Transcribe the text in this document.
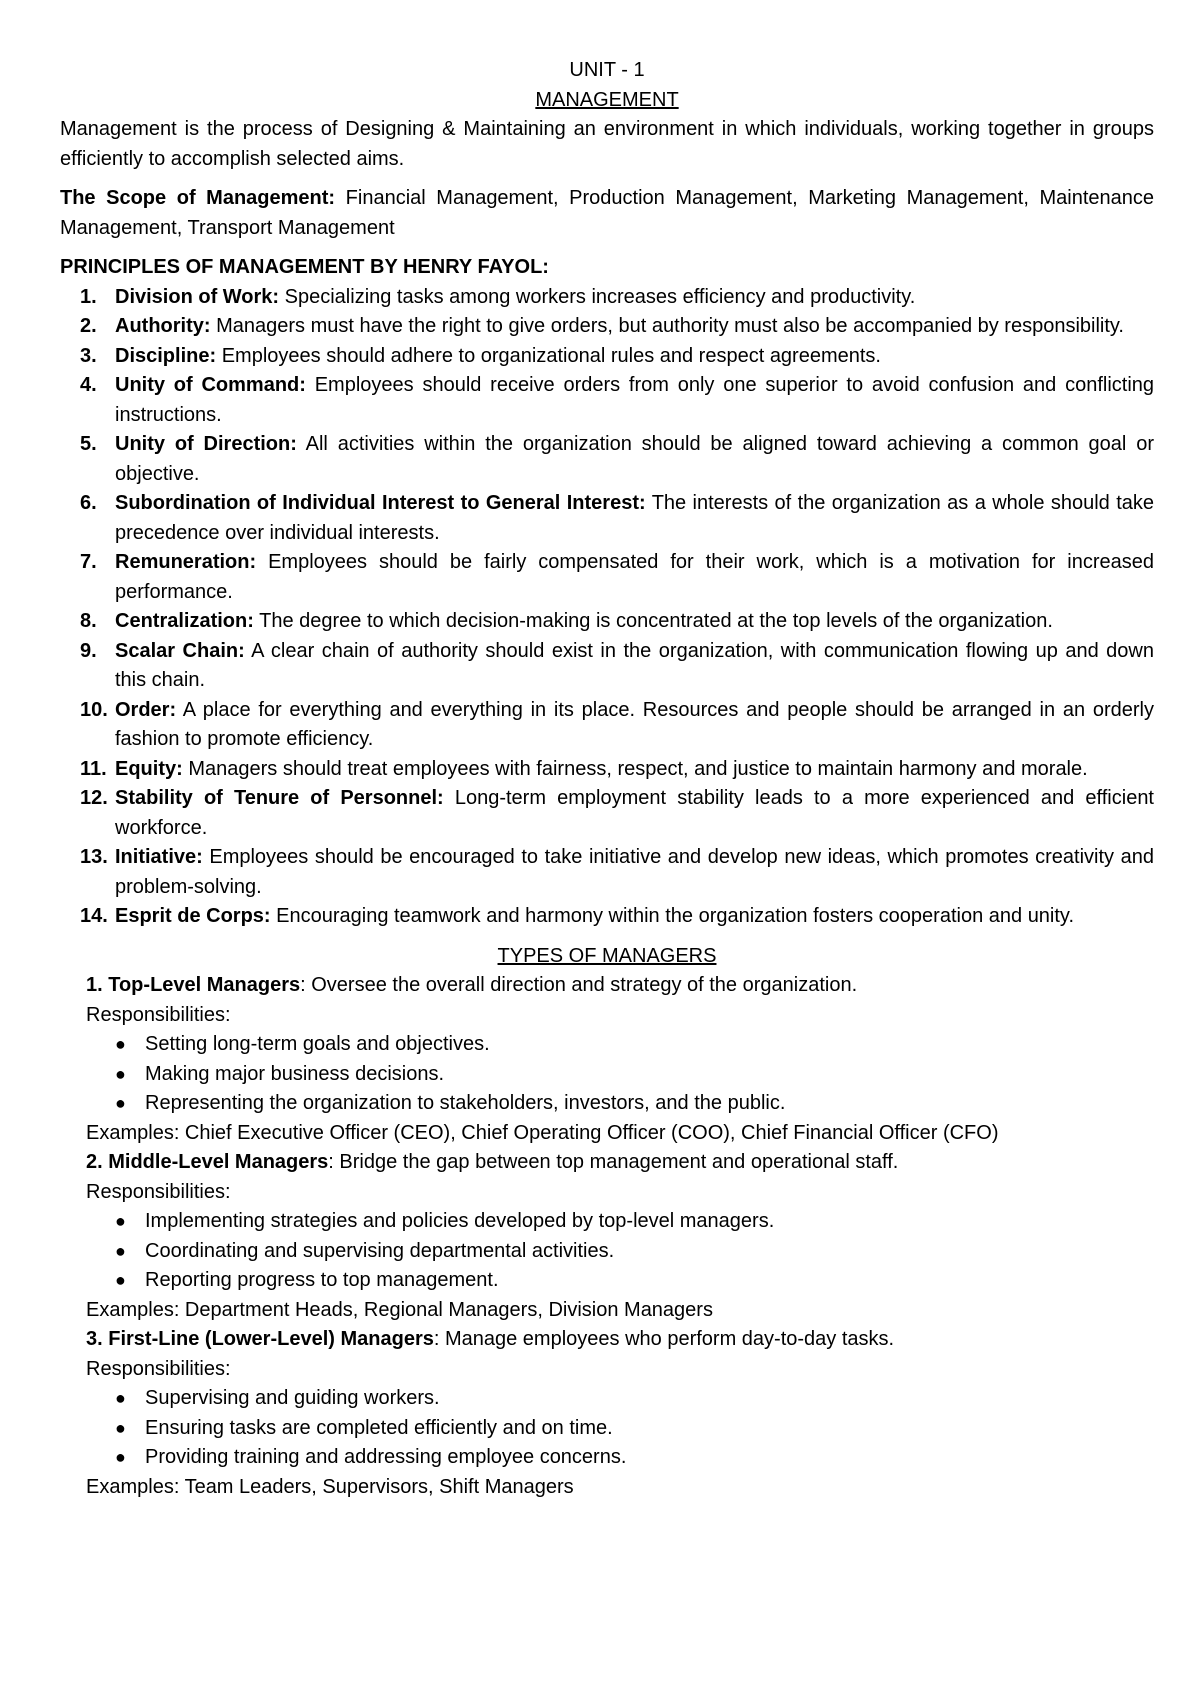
UNIT - 1

MANAGEMENT

Management is the process of Designing & Maintaining an environment in which individuals, working together in groups efficiently to accomplish selected aims.

The Scope of Management: Financial Management, Production Management, Marketing Management, Maintenance Management, Transport Management

PRINCIPLES OF MANAGEMENT BY HENRY FAYOL:

1. Division of Work: Specializing tasks among workers increases efficiency and productivity.
2. Authority: Managers must have the right to give orders, but authority must also be accompanied by responsibility.
3. Discipline: Employees should adhere to organizational rules and respect agreements.
4. Unity of Command: Employees should receive orders from only one superior to avoid confusion and conflicting instructions.
5. Unity of Direction: All activities within the organization should be aligned toward achieving a common goal or objective.
6. Subordination of Individual Interest to General Interest: The interests of the organization as a whole should take precedence over individual interests.
7. Remuneration: Employees should be fairly compensated for their work, which is a motivation for increased performance.
8. Centralization: The degree to which decision-making is concentrated at the top levels of the organization.
9. Scalar Chain: A clear chain of authority should exist in the organization, with communication flowing up and down this chain.
10. Order: A place for everything and everything in its place. Resources and people should be arranged in an orderly fashion to promote efficiency.
11. Equity: Managers should treat employees with fairness, respect, and justice to maintain harmony and morale.
12. Stability of Tenure of Personnel: Long-term employment stability leads to a more experienced and efficient workforce.
13. Initiative: Employees should be encouraged to take initiative and develop new ideas, which promotes creativity and problem-solving.
14. Esprit de Corps: Encouraging teamwork and harmony within the organization fosters cooperation and unity.

TYPES OF MANAGERS

1. Top-Level Managers: Oversee the overall direction and strategy of the organization.

Responsibilities:

● Setting long-term goals and objectives.
● Making major business decisions.
● Representing the organization to stakeholders, investors, and the public.

Examples: Chief Executive Officer (CEO), Chief Operating Officer (COO), Chief Financial Officer (CFO)

2. Middle-Level Managers: Bridge the gap between top management and operational staff.

Responsibilities:

● Implementing strategies and policies developed by top-level managers.
● Coordinating and supervising departmental activities.
● Reporting progress to top management.

Examples: Department Heads, Regional Managers, Division Managers

3. First-Line (Lower-Level) Managers: Manage employees who perform day-to-day tasks.

Responsibilities:

● Supervising and guiding workers.
● Ensuring tasks are completed efficiently and on time.
● Providing training and addressing employee concerns.

Examples: Team Leaders, Supervisors, Shift Managers
